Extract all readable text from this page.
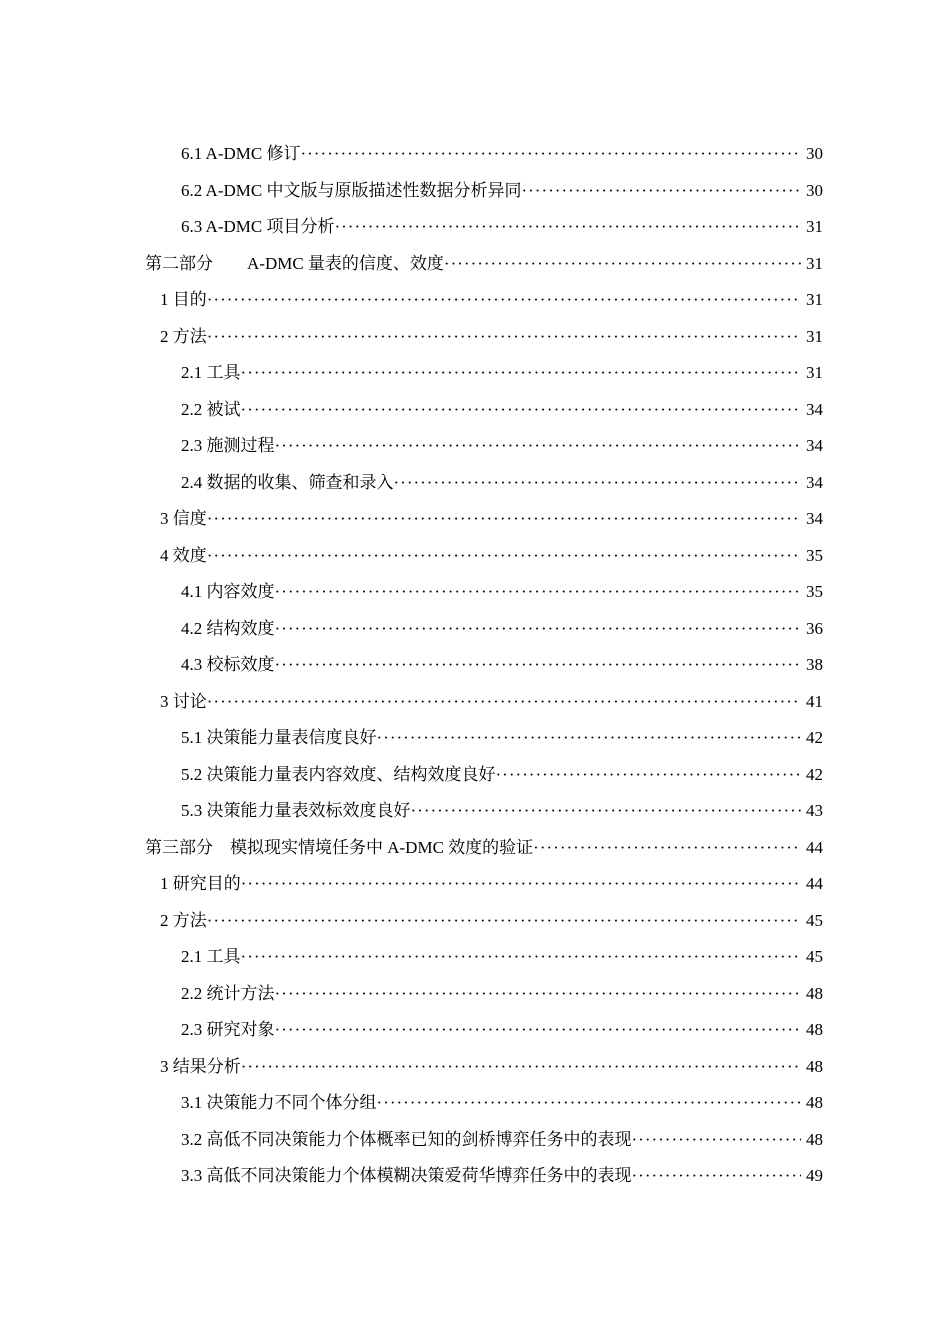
6.1 A-DMC 修订 ·····	30
6.2 A-DMC 中文版与原版描述性数据分析异同 ·····	30
6.3 A-DMC 项目分析 ·····	31
第二部分　　A-DMC 量表的信度、效度 ·····	31
1 目的 ·····	31
2 方法 ·····	31
2.1 工具 ·····	31
2.2 被试 ·····	34
2.3 施测过程 ·····	34
2.4 数据的收集、筛查和录入 ·····	34
3 信度 ·····	34
4 效度 ·····	35
4.1 内容效度 ·····	35
4.2 结构效度 ·····	36
4.3 校标效度 ·····	38
3 讨论 ·····	41
5.1 决策能力量表信度良好 ·····	42
5.2 决策能力量表内容效度、结构效度良好 ·····	42
5.3 决策能力量表效标效度良好 ·····	43
第三部分　模拟现实情境任务中 A-DMC 效度的验证 ·····	44
1 研究目的 ·····	44
2 方法 ·····	45
2.1 工具 ·····	45
2.2 统计方法 ·····	48
2.3 研究对象 ·····	48
3 结果分析 ·····	48
3.1 决策能力不同个体分组 ·····	48
3.2 高低不同决策能力个体概率已知的剑桥博弈任务中的表现 ·····	48
3.3 高低不同决策能力个体模糊决策爱荷华博弈任务中的表现 ·····	49
